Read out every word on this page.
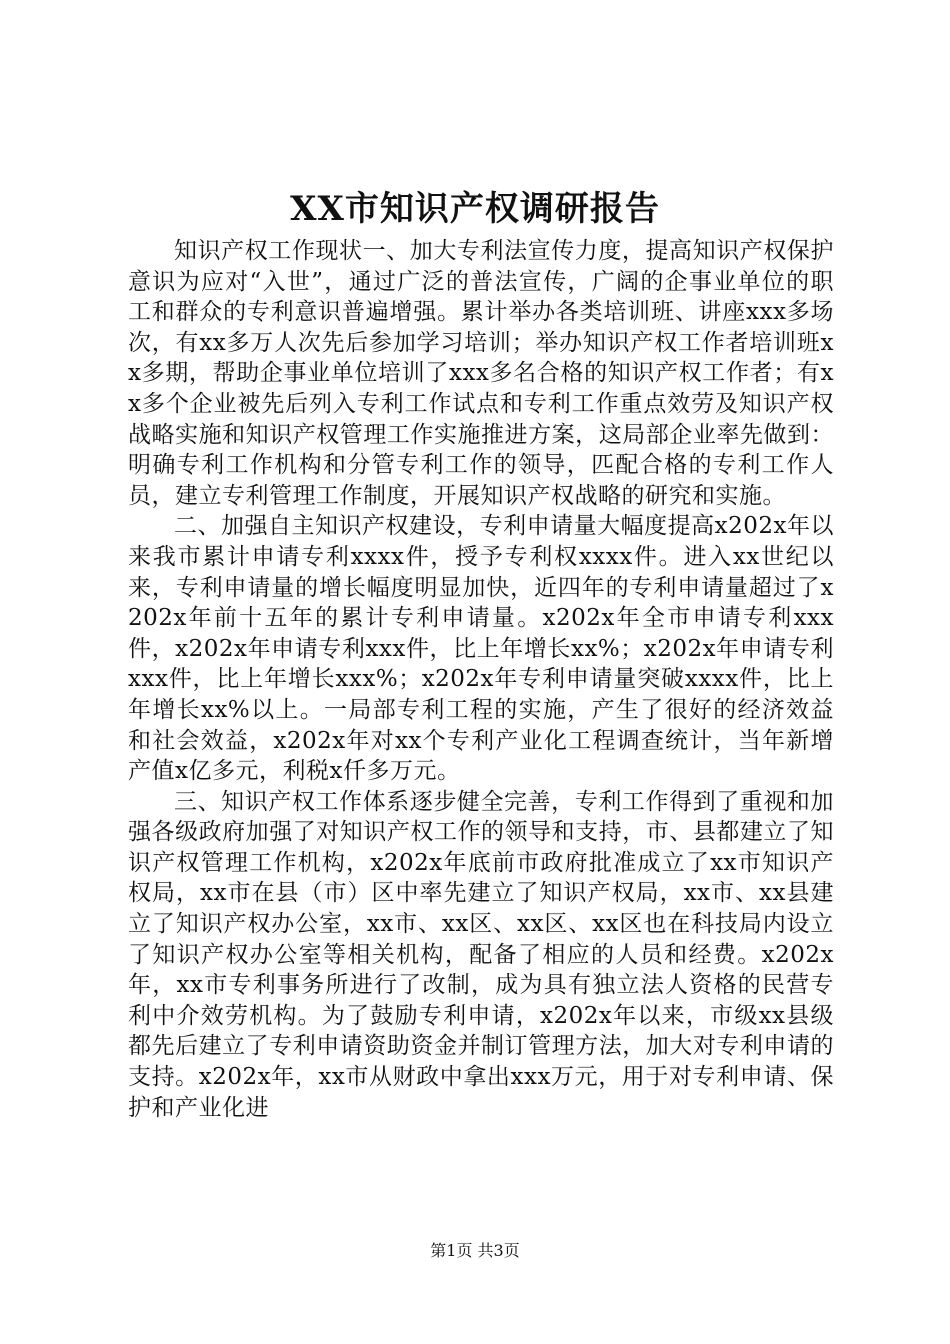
XX市知识产权调研报告

知识产权工作现状一、加大专利法宣传力度，提高知识产权保护意识为应对“入世”，通过广泛的普法宣传，广阔的企事业单位的职工和群众的专利意识普遍增强。累计举办各类培训班、讲座xxx多场次，有xx多万人次先后参加学习培训；举办知识产权工作者培训班xx多期，帮助企事业单位培训了xxx多名合格的知识产权工作者；有xx多个企业被先后列入专利工作试点和专利工作重点效劳及知识产权战略实施和知识产权管理工作实施推进方案，这局部企业率先做到：明确专利工作机构和分管专利工作的领导，匹配合格的专利工作人员，建立专利管理工作制度，开展知识产权战略的研究和实施。

二、加强自主知识产权建设，专利申请量大幅度提高x202x年以来我市累计申请专利xxxx件，授予专利权xxxx件。进入xx世纪以来，专利申请量的增长幅度明显加快，近四年的专利申请量超过了x202x年前十五年的累计专利申请量。x202x年全市申请专利xxx件，x202x年申请专利xxx件，比上年增长xx%；x202x年申请专利xxx件，比上年增长xxx%；x202x年专利申请量突破xxxx件，比上年增长xx%以上。一局部专利工程的实施，产生了很好的经济效益和社会效益，x202x年对xx个专利产业化工程调查统计，当年新增产值x亿多元，利税x仟多万元。

三、知识产权工作体系逐步健全完善，专利工作得到了重视和加强各级政府加强了对知识产权工作的领导和支持，市、县都建立了知识产权管理工作机构，x202x年底前市政府批准成立了xx市知识产权局，xx市在县（市）区中率先建立了知识产权局，xx市、xx县建立了知识产权办公室，xx市、xx区、xx区、xx区也在科技局内设立了知识产权办公室等相关机构，配备了相应的人员和经费。x202x年，xx市专利事务所进行了改制，成为具有独立法人资格的民营专利中介效劳机构。为了鼓励专利申请，x202x年以来，市级xx县级都先后建立了专利申请资助资金并制订管理方法，加大对专利申请的支持。x202x年，xx市从财政中拿出xxx万元，用于对专利申请、保护和产业化进

第1页 共3页
